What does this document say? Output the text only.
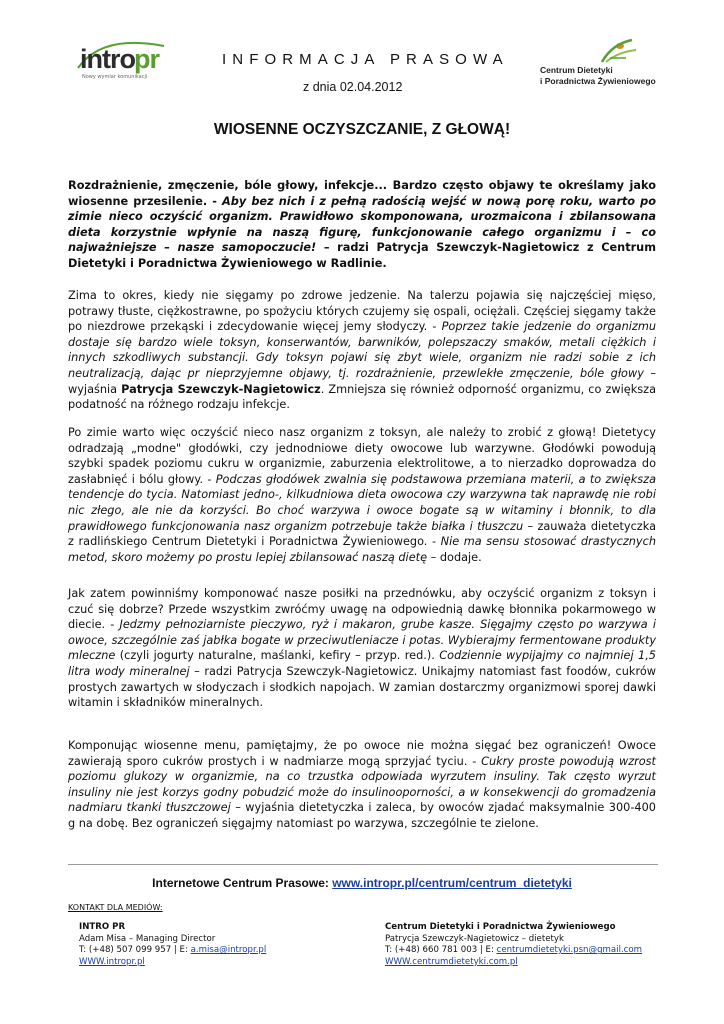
intro pr
Nowy wymiar komunikacji
INFORMACJA PRASOWA
z dnia 02.04.2012
Centrum Dietetyki
i Poradnictwa Żywieniowego
WIOSENNE OCZYSZCZANIE, Z GŁOWĄ!
Rozdrażnienie, zmęczenie, bóle głowy, infekcje... Bardzo często objawy te określamy jako wiosenne przesilenie. - Aby bez nich i z pełną radością wejść w nową porę roku, warto po zimie nieco oczyścić organizm. Prawidłowo skomponowana, urozmaicona i zbilansowana dieta korzystnie wpłynie na naszą figurę, funkcjonowanie całego organizmu i – co najważniejsze – nasze samopoczucie! – radzi Patrycja Szewczyk-Nagietowicz z Centrum Dietetyki i Poradnictwa Żywieniowego w Radlinie.
Zima to okres, kiedy nie sięgamy po zdrowe jedzenie. Na talerzu pojawia się najczęściej mięso, potrawy tłuste, ciężkostrawne, po spożyciu których czujemy się ospali, ociężali. Częściej sięgamy także po niezdrowe przekąski i zdecydowanie więcej jemy słodyczy. - Poprzez takie jedzenie do organizmu dostaje się bardzo wiele toksyn, konserwantów, barwników, polepszaczy smaków, metali ciężkich i innych szkodliwych substancji. Gdy toksyn pojawi się zbyt wiele, organizm nie radzi sobie z ich neutralizacją, dając pr nieprzyjemne objawy, tj. rozdrażnienie, przewlekłe zmęczenie, bóle głowy – wyjaśnia Patrycja Szewczyk-Nagietowicz. Zmniejsza się również odporność organizmu, co zwiększa podatność na różnego rodzaju infekcje.
Po zimie warto więc oczyścić nieco nasz organizm z toksyn, ale należy to zrobić z głową! Dietetycy odradzają „modne" głodówki, czy jednodniowe diety owocowe lub warzywne. Głodówki powodują szybki spadek poziomu cukru w organizmie, zaburzenia elektrolitowe, a to nierzadko doprowadza do zasłabnięć i bólu głowy. - Podczas głodówek zwalnia się podstawowa przemiana materii, a to zwiększa tendencje do tycia. Natomiast jedno-, kilkudniowa dieta owocowa czy warzywna tak naprawdę nie robi nic złego, ale nie da korzyści. Bo choć warzywa i owoce bogate są w witaminy i błonnik, to dla prawidłowego funkcjonowania nasz organizm potrzebuje także białka i tłuszczu – zauważa dietetyczka z radlińskiego Centrum Dietetyki i Poradnictwa Żywieniowego. - Nie ma sensu stosować drastycznych metod, skoro możemy po prostu lepiej zbilansować naszą dietę – dodaje.
Jak zatem powinniśmy komponować nasze posiłki na przednówku, aby oczyścić organizm z toksyn i czuć się dobrze? Przede wszystkim zwróćmy uwagę na odpowiednią dawkę błonnika pokarmowego w diecie. - Jedzmy pełnoziarniste pieczywo, ryż i makaron, grube kasze. Sięgajmy często po warzywa i owoce, szczególnie zaś jabłka bogate w przeciwutleniacze i potas. Wybierajmy fermentowane produkty mleczne (czyli jogurty naturalne, maślanki, kefiry – przyp. red.). Codziennie wypijajmy co najmniej 1,5 litra wody mineralnej – radzi Patrycja Szewczyk-Nagietowicz. Unikajmy natomiast fast foodów, cukrów prostych zawartych w słodyczach i słodkich napojach. W zamian dostarczmy organizmowi sporej dawki witamin i składników mineralnych.
Komponując wiosenne menu, pamiętajmy, że po owoce nie można sięgać bez ograniczeń! Owoce zawierają sporo cukrów prostych i w nadmiarze mogą sprzyjać tyciu. - Cukry proste powodują wzrost poziomu glukozy w organizmie, na co trzustka odpowiada wyrzutem insuliny. Tak często wyrzut insuliny nie jest korzys godny pobudzić może do insulinooporności, a w konsekwencji do gromadzenia nadmiaru tkanki tłuszczowej – wyjaśnia dietetyczka i zaleca, by owoców zjadać maksymalnie 300-400 g na dobę. Bez ograniczeń sięgajmy natomiast po warzywa, szczególnie te zielone.
Internetowe Centrum Prasowe: www.intropr.pl/centrum/centrum_dietetyki
KONTAKT DLA MEDIÓW:
INTRO PR
Adam Misa – Managing Director
T: (+48) 507 099 957 | E: a.misa@intropr.pl
WWW.intropr.pl
Centrum Dietetyki i Poradnictwa Żywieniowego
Patrycja Szewczyk-Nagietowicz – dietetyk
T: (+48) 660 781 003 | E: centrumdietetyki.psn@gmail.com
WWW.centrumdietetyki.com.pl
